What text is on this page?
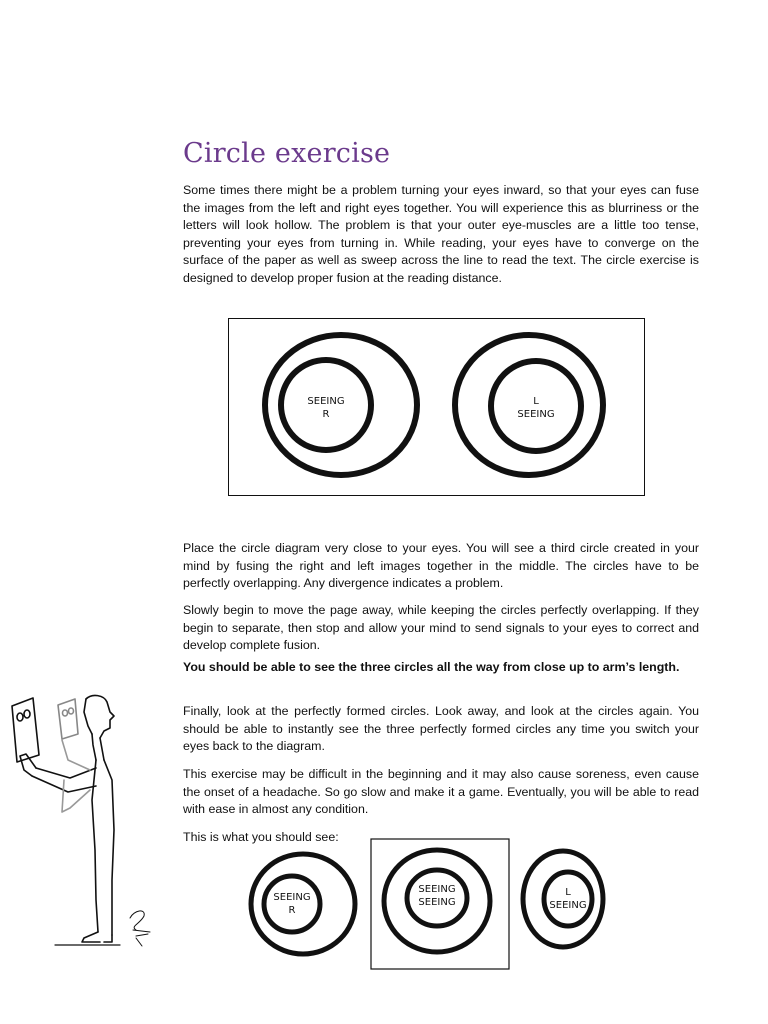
Circle exercise

Some times there might be a problem turning your eyes inward, so that your eyes can fuse the images from the left and right eyes together. You will experience this as blurriness or the letters will look hollow. The problem is that your outer eye-muscles are a little too tense, preventing your eyes from turning in. While reading, your eyes have to converge on the surface of the paper as well as sweep across the line to read the text. The circle exercise is designed to develop proper fusion at the reading distance.

SEEING
R
L
SEEING

Place the circle diagram very close to your eyes. You will see a third circle created in your mind by fusing the right and left images together in the middle. The circles have to be perfectly overlapping. Any divergence indicates a problem.

Slowly begin to move the page away, while keeping the circles perfectly overlapping. If they begin to separate, then stop and allow your mind to send signals to your eyes to correct and develop complete fusion.

You should be able to see the three circles all the way from close up to arm’s length.

Finally, look at the perfectly formed circles. Look away, and look at the circles again. You should be able to instantly see the three perfectly formed circles any time you switch your eyes back to the diagram.

This exercise may be difficult in the beginning and it may also cause soreness, even cause the onset of a headache. So go slow and make it a game. Eventually, you will be able to read with ease in almost any condition.

This is what you should see:
SEEING
R
SEEING
SEEING
L
SEEING
